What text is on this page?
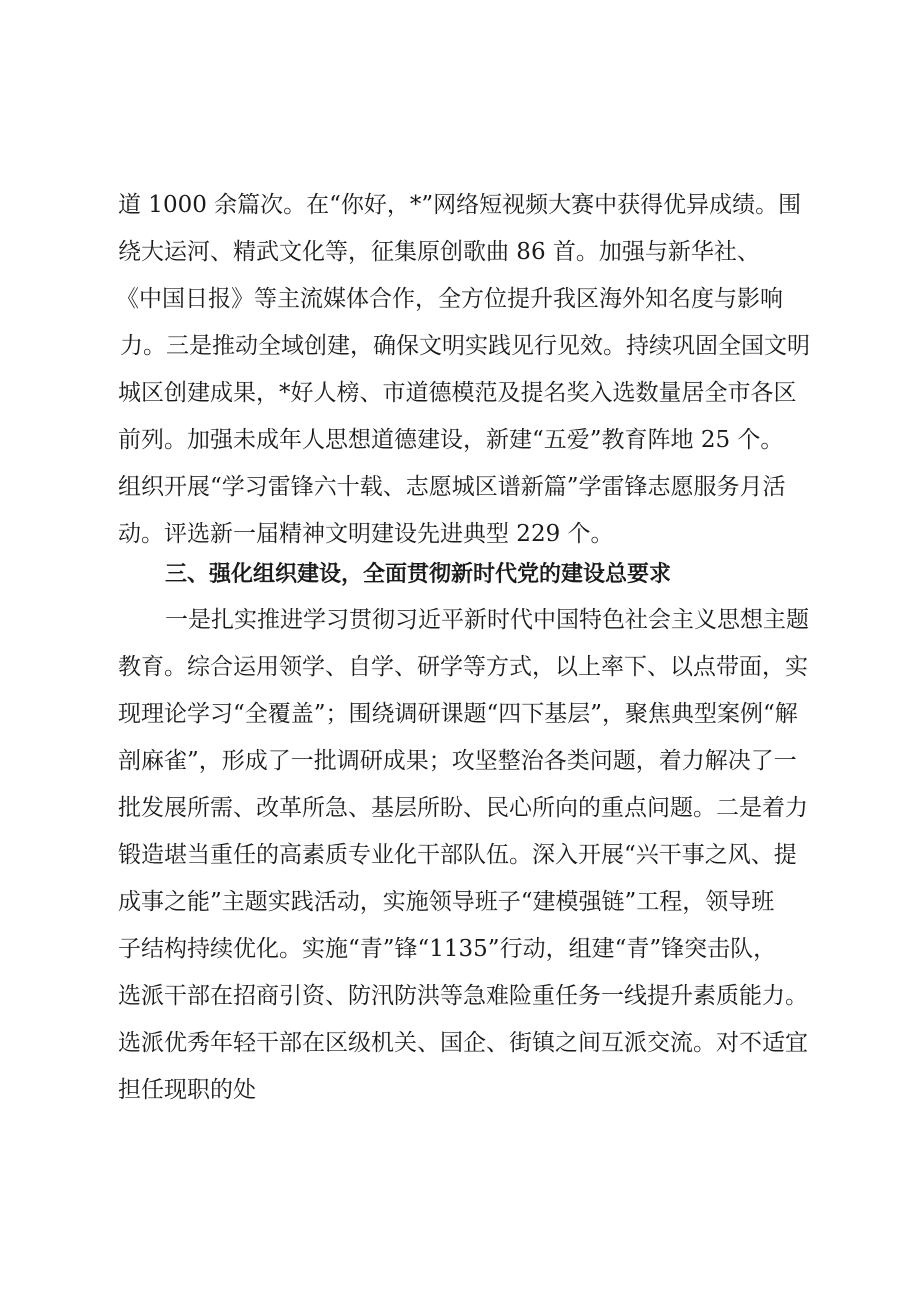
道 1000 余篇次。在“你好，*”网络短视频大赛中获得优异成绩。围
绕大运河、精武文化等，征集原创歌曲 86 首。加强与新华社、
《中国日报》等主流媒体合作，全方位提升我区海外知名度与影响
力。三是推动全域创建，确保文明实践见行见效。持续巩固全国文明
城区创建成果，*好人榜、市道德模范及提名奖入选数量居全市各区
前列。加强未成年人思想道德建设，新建“五爱”教育阵地 25 个。
组织开展“学习雷锋六十载、志愿城区谱新篇”学雷锋志愿服务月活
动。评选新一届精神文明建设先进典型 229 个。
三、强化组织建设，全面贯彻新时代党的建设总要求
　一是扎实推进学习贯彻习近平新时代中国特色社会主义思想主题
教育。综合运用领学、自学、研学等方式，以上率下、以点带面，实
现理论学习“全覆盖”；围绕调研课题“四下基层”，聚焦典型案例“解
剖麻雀”，形成了一批调研成果；攻坚整治各类问题，着力解决了一
批发展所需、改革所急、基层所盼、民心所向的重点问题。二是着力
锻造堪当重任的高素质专业化干部队伍。深入开展“兴干事之风、提
成事之能”主题实践活动，实施领导班子“建模强链”工程，领导班
子结构持续优化。实施“青”锋“1135”行动，组建“青”锋突击队，
选派干部在招商引资、防汛防洪等急难险重任务一线提升素质能力。
选派优秀年轻干部在区级机关、国企、街镇之间互派交流。对不适宜
担任现职的处
